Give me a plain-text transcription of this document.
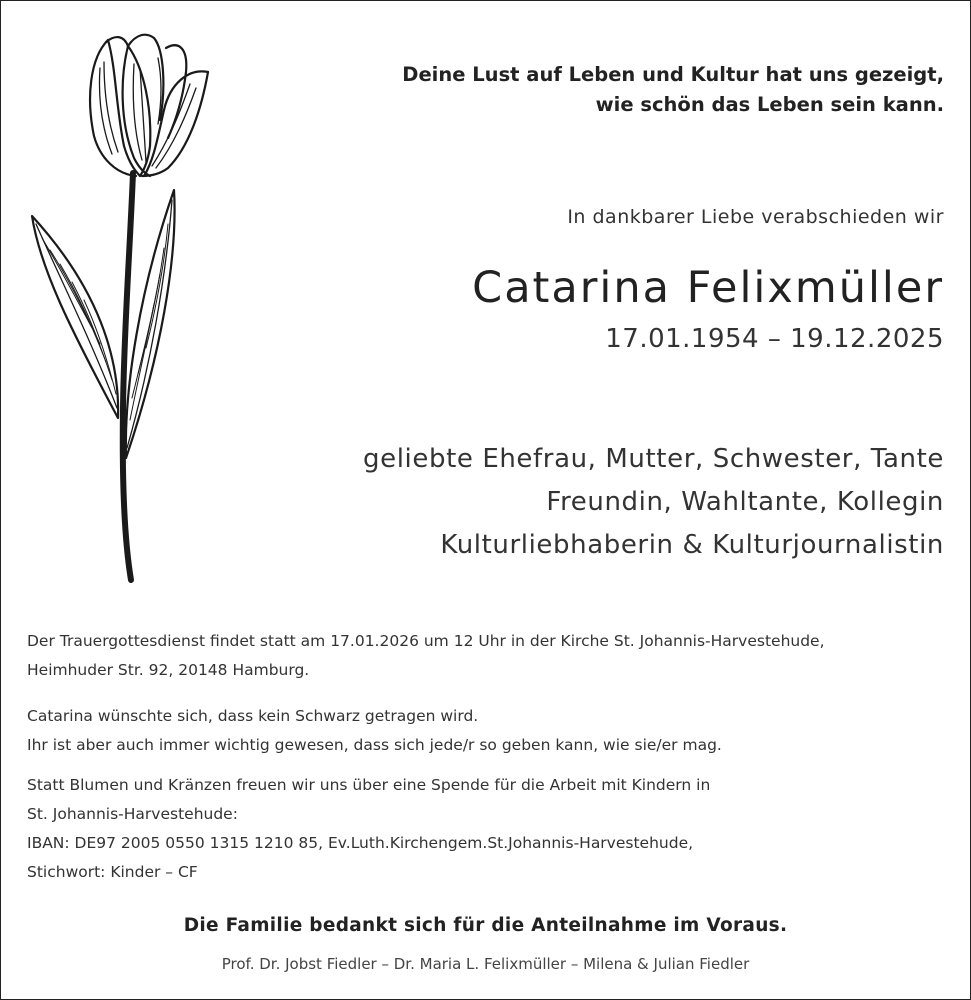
Deine Lust auf Leben und Kultur hat uns gezeigt,
wie schön das Leben sein kann.
In dankbarer Liebe verabschieden wir
Catarina Felixmüller
17.01.1954 – 19.12.2025
geliebte Ehefrau, Mutter, Schwester, Tante
Freundin, Wahltante, Kollegin
Kulturliebhaberin & Kulturjournalistin
Der Trauergottesdienst findet statt am 17.01.2026 um 12 Uhr in der Kirche St. Johannis-Harvestehude,
Heimhuder Str. 92, 20148 Hamburg.
Catarina wünschte sich, dass kein Schwarz getragen wird.
Ihr ist aber auch immer wichtig gewesen, dass sich jede/r so geben kann, wie sie/er mag.
Statt Blumen und Kränzen freuen wir uns über eine Spende für die Arbeit mit Kindern in
St. Johannis-Harvestehude:
IBAN: DE97 2005 0550 1315 1210 85, Ev.Luth.Kirchengem.St.Johannis-Harvestehude,
Stichwort: Kinder – CF
Die Familie bedankt sich für die Anteilnahme im Voraus.
Prof. Dr. Jobst Fiedler – Dr. Maria L. Felixmüller – Milena & Julian Fiedler
